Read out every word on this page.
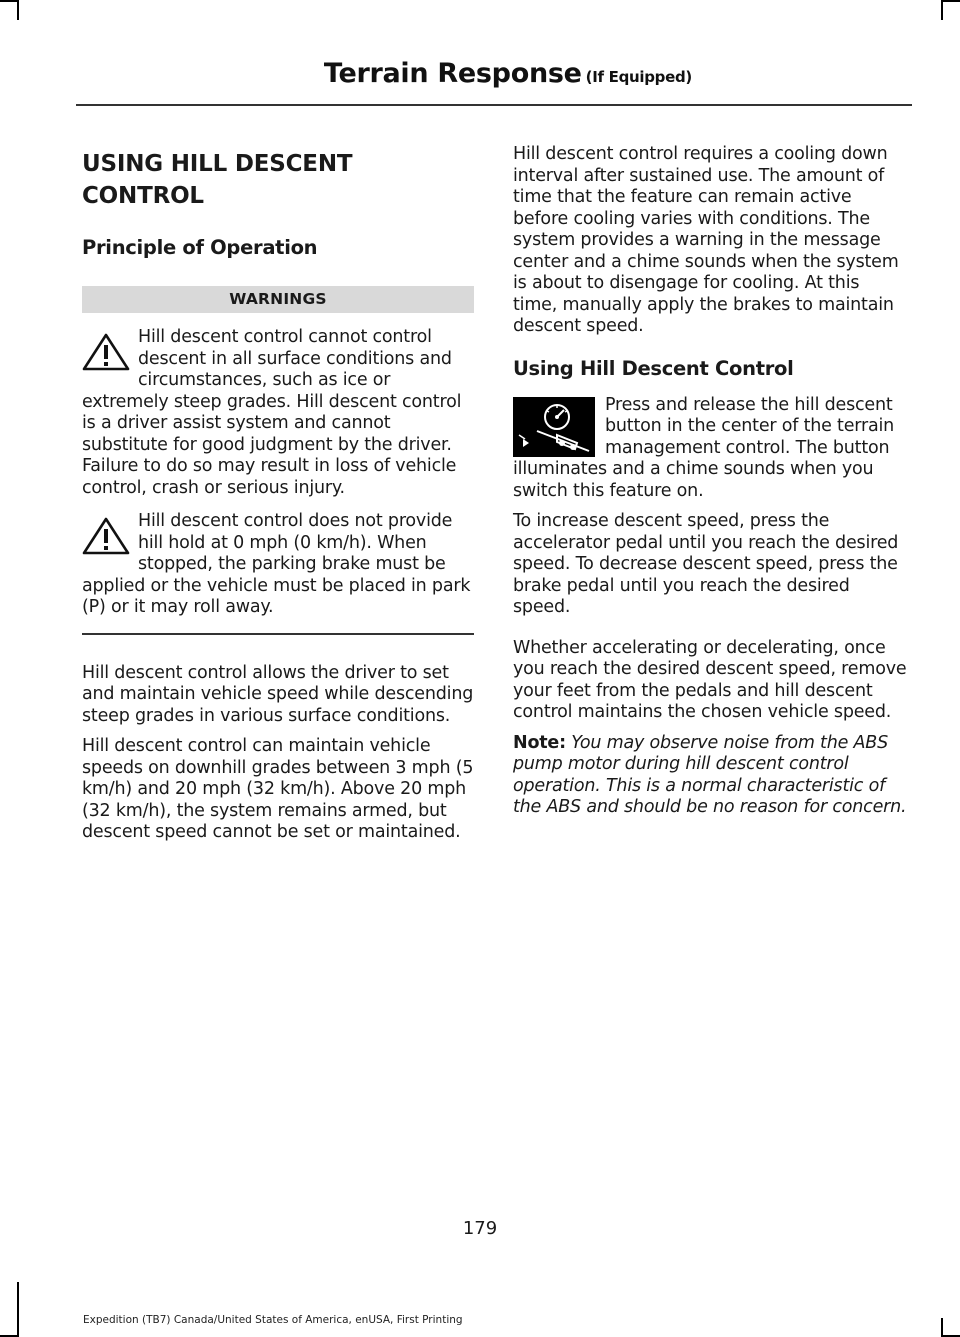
Terrain Response (If Equipped)
USING HILL DESCENT
CONTROL
Principle of Operation
WARNINGS
Hill descent control cannot control descent in all surface conditions and circumstances, such as ice or extremely steep grades. Hill descent control is a driver assist system and cannot substitute for good judgment by the driver. Failure to do so may result in loss of vehicle control, crash or serious injury.
Hill descent control does not provide hill hold at 0 mph (0 km/h). When stopped, the parking brake must be applied or the vehicle must be placed in park (P) or it may roll away.

Hill descent control allows the driver to set and maintain vehicle speed while descending steep grades in various surface conditions.

Hill descent control can maintain vehicle speeds on downhill grades between 3 mph (5 km/h) and 20 mph (32 km/h). Above 20 mph (32 km/h), the system remains armed, but descent speed cannot be set or maintained.

Hill descent control requires a cooling down interval after sustained use. The amount of time that the feature can remain active before cooling varies with conditions. The system provides a warning in the message center and a chime sounds when the system is about to disengage for cooling. At this time, manually apply the brakes to maintain descent speed.

Using Hill Descent Control
Press and release the hill descent button in the center of the terrain management control. The button illuminates and a chime sounds when you switch this feature on.

To increase descent speed, press the accelerator pedal until you reach the desired speed. To decrease descent speed, press the brake pedal until you reach the desired speed.

Whether accelerating or decelerating, once you reach the desired descent speed, remove your feet from the pedals and hill descent control maintains the chosen vehicle speed.

Note: You may observe noise from the ABS pump motor during hill descent control operation. This is a normal characteristic of the ABS and should be no reason for concern.

179
Expedition (TB7) Canada/United States of America, enUSA, First Printing
